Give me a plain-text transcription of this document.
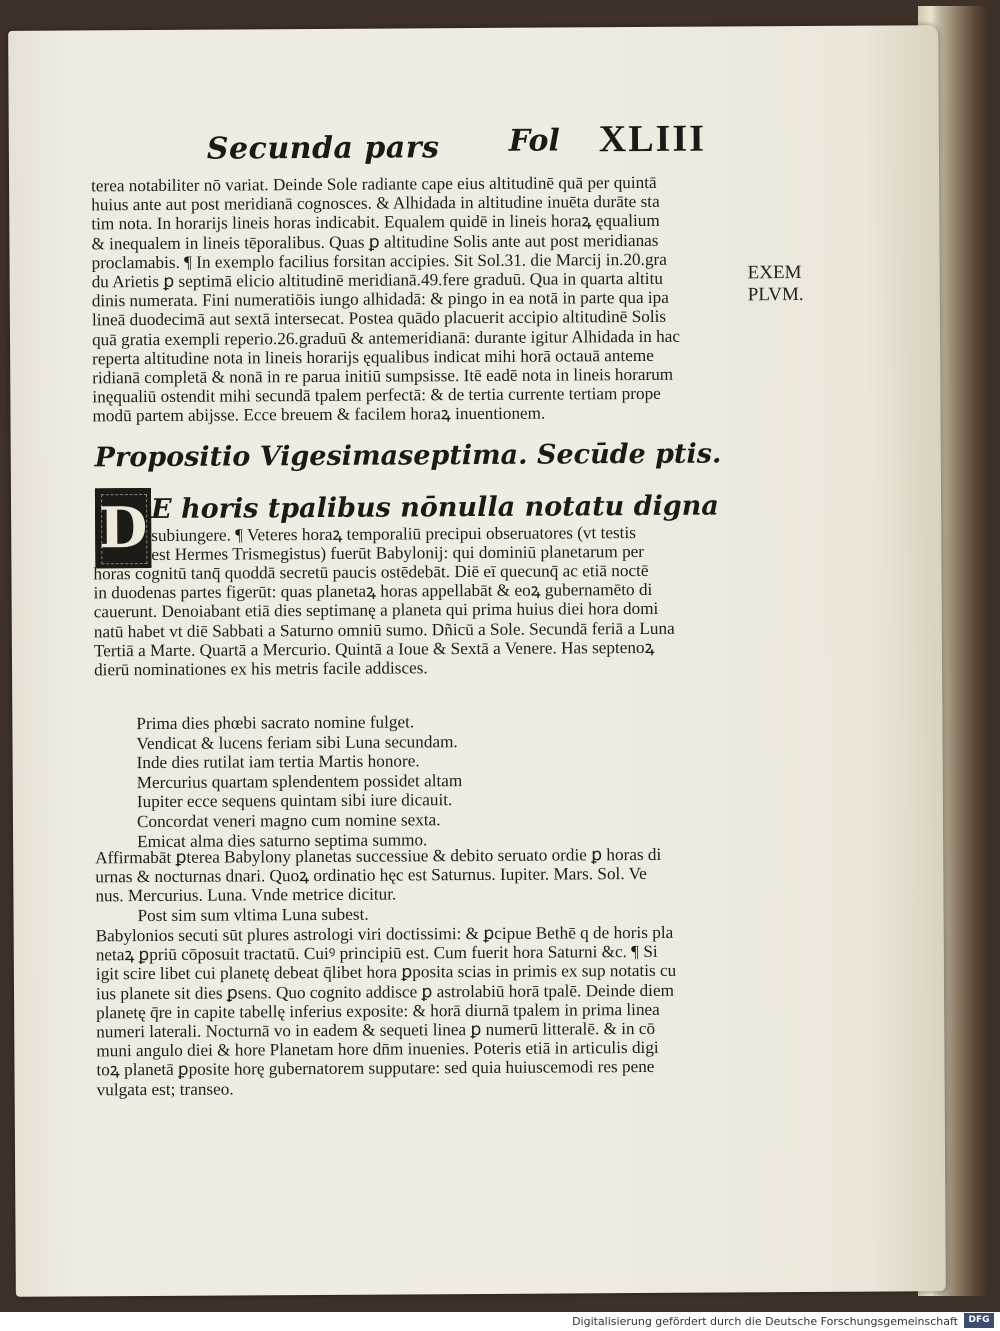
Secunda pars Fol XLIII
EXEM
PLVM.
terea notabiliter nō variat. Deinde Sole radiante cape eius altitudinē quā per quintā
huius ante aut post meridianā cognosces. & Alhidada in altitudine inuēta durāte sta
tim nota. In horarijs lineis horas indicabit. Equalem quidē in lineis horaꝝ ęqualium
& inequalem in lineis tēporalibus. Quas ꝑ altitudine Solis ante aut post meridianas
proclamabis. ¶ In exemplo facilius forsitan accipies. Sit Sol.31. die Marcij in.20.gra
du Arietis ꝑ septimā elicio altitudinē meridianā.49.fere graduū. Qua in quarta altitu
dinis numerata. Fini numeratiōis iungo alhidadā: & pingo in ea notā in parte qua ipa
lineā duodecimā aut sextā intersecat. Postea quādo placuerit accipio altitudinē Solis
quā gratia exempli reperio.26.graduū & antemeridianā: durante igitur Alhidada in hac
reperta altitudine nota in lineis horarijs ęqualibus indicat mihi horā octauā anteme
ridianā completā & nonā in re parua initiū sumpsisse. Itē eadē nota in lineis horarum
inęqualiū ostendit mihi secundā tpalem perfectā: & de tertia currente tertiam prope
modū partem abijsse. Ecce breuem & facilem horaꝝ inuentionem.
Propositio Vigesimaseptima. Secūde ptis.
D E horis tpalibus nōnulla notatu digna
subiungere. ¶ Veteres horaꝝ temporaliū precipui obseruatores (vt testis
est Hermes Trismegistus) fuerūt Babylonij: qui dominiū planetarum per
horas cognitū tanq̄ quoddā secretū paucis ostēdebāt. Diē eī quecunq̄ ac etiā noctē
in duodenas partes figerūt: quas planetaꝝ horas appellabāt & eoꝝ gubernamēto di
cauerunt. Denoiabant etiā dies septimanę a planeta qui prima huius diei hora domi
natū habet vt diē Sabbati a Saturno omniū sumo. Dñicū a Sole. Secundā feriā a Luna
Tertiā a Marte. Quartā a Mercurio. Quintā a Ioue & Sextā a Venere. Has septenoꝝ
dierū nominationes ex his metris facile addisces.
Prima dies phœbi sacrato nomine fulget.
Vendicat & lucens feriam sibi Luna secundam.
Inde dies rutilat iam tertia Martis honore.
Mercurius quartam splendentem possidet altam
Iupiter ecce sequens quintam sibi iure dicauit.
Concordat veneri magno cum nomine sexta.
Emicat alma dies saturno septima summo.
Affirmabāt ꝑterea Babylony planetas successiue & debito seruato ordie ꝑ horas di
urnas & nocturnas dnari. Quoꝝ ordinatio hęc est Saturnus. Iupiter. Mars. Sol. Ve
nus. Mercurius. Luna. Vnde metrice dicitur.
Post sim sum vltima Luna subest.
Babylonios secuti sūt plures astrologi viri doctissimi: & ꝑcipue Bethē q de horis pla
netaꝝ ꝑpriū cōposuit tractatū. Cuiꝰ principiū est. Cum fuerit hora Saturni &c. ¶ Si
igit scire libet cui planetę debeat q̄libet hora ꝑposita scias in primis ex sup notatis cu
ius planete sit dies ꝑsens. Quo cognito addisce ꝑ astrolabiū horā tpalē. Deinde diem
planetę q̄re in capite tabellę inferius exposite: & horā diurnā tpalem in prima linea
numeri laterali. Nocturnā vo in eadem & sequeti linea ꝑ numerū litteralē. & in cō
muni angulo diei & hore Planetam hore dn̄m inuenies. Poteris etiā in articulis digi
toꝝ planetā ꝑposite horę gubernatorem supputare: sed quia huiuscemodi res pene
vulgata est; transeo.
Digitalisierung gefördert durch die Deutsche Forschungsgemeinschaft	DFG
